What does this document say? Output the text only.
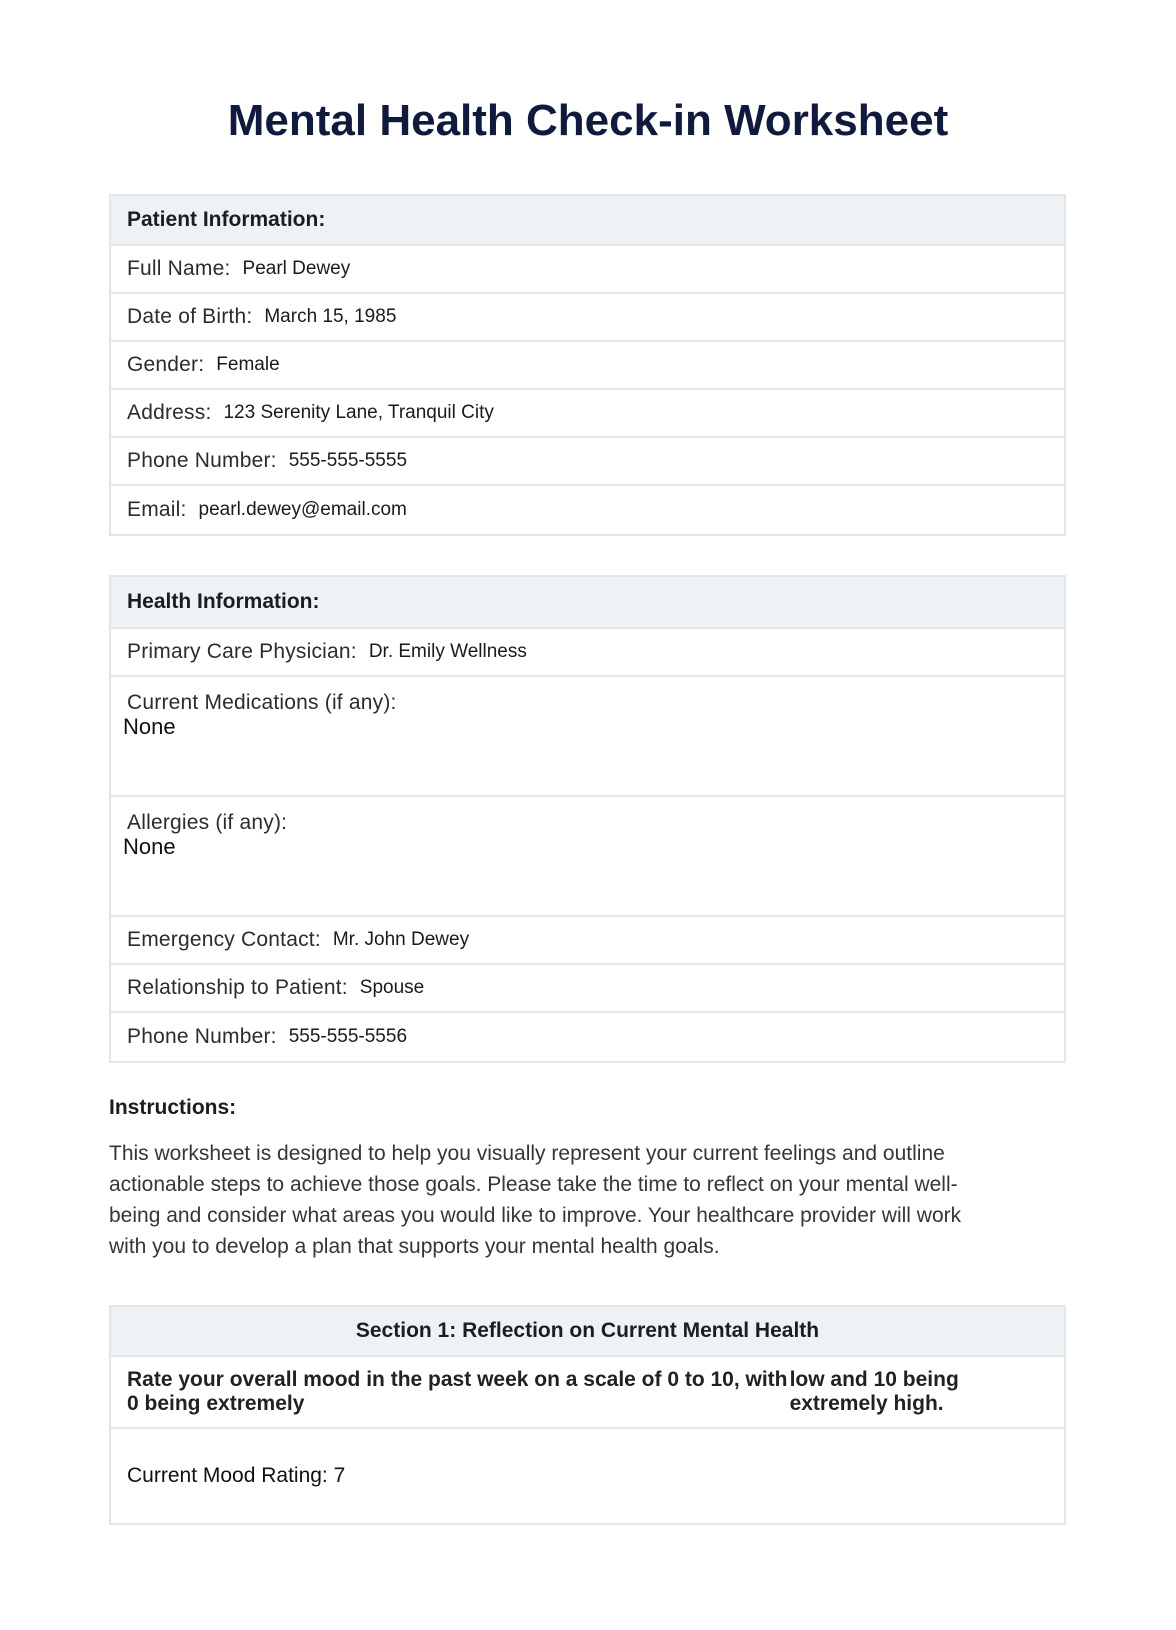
Mental Health Check-in Worksheet
Patient Information:
Full Name: Pearl Dewey
Date of Birth: March 15, 1985
Gender: Female
Address: 123 Serenity Lane, Tranquil City
Phone Number: 555-555-5555
Email: pearl.dewey@email.com
Health Information:
Primary Care Physician: Dr. Emily Wellness
Current Medications (if any):
None
Allergies (if any):
None
Emergency Contact: Mr. John Dewey
Relationship to Patient: Spouse
Phone Number: 555-555-5556
Instructions:
This worksheet is designed to help you visually represent your current feelings and outline
actionable steps to achieve those goals. Please take the time to reflect on your mental well-
being and consider what areas you would like to improve. Your healthcare provider will work
with you to develop a plan that supports your mental health goals.
Section 1: Reflection on Current Mental Health
Rate your overall mood in the past week on a scale of 0 to 10, with 0 being extremely
low and 10 being extremely high.
Current Mood Rating: 7
